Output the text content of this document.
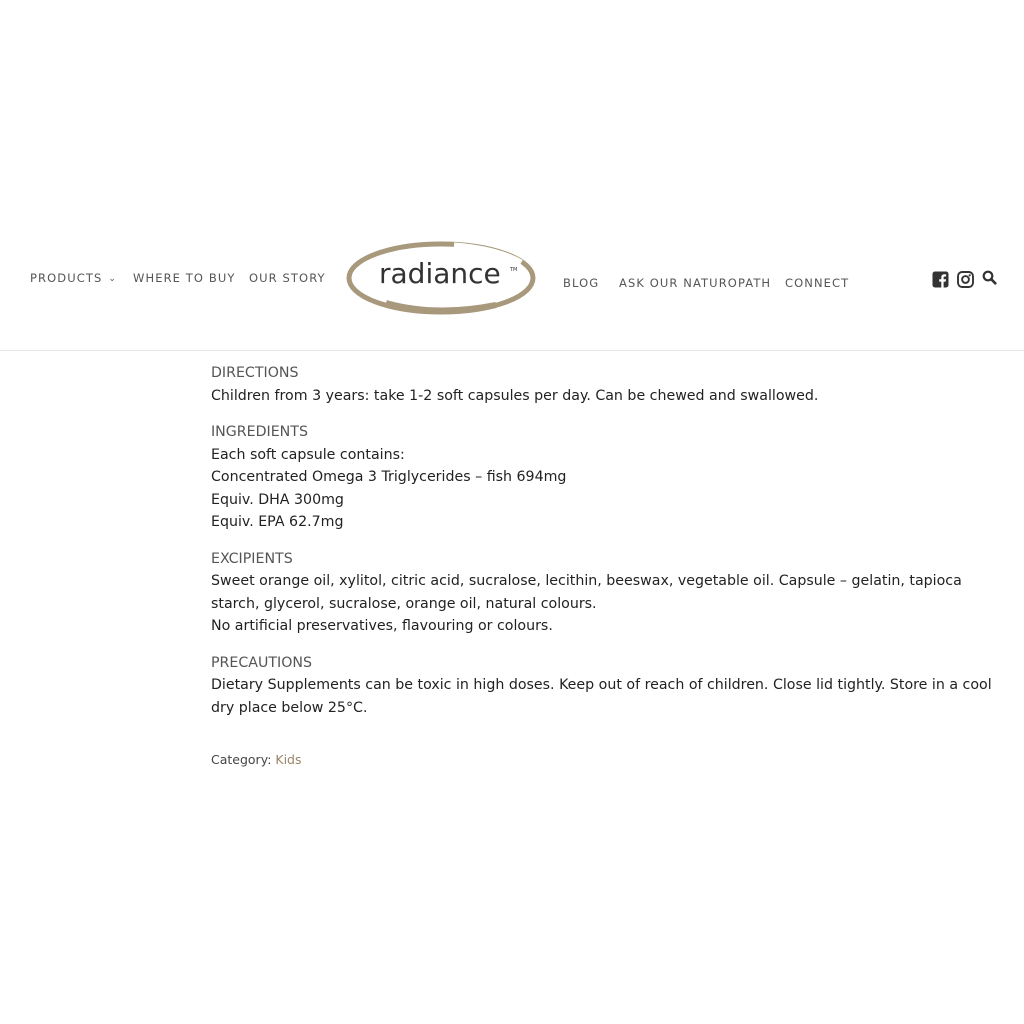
PRODUCTS ⌄ WHERE TO BUY OUR STORY radiance TM
BLOG ASK OUR NATUROPATH CONNECT
DIRECTIONS
Children from 3 years: take 1-2 soft capsules per day. Can be chewed and swallowed.
INGREDIENTS
Each soft capsule contains:
Concentrated Omega 3 Triglycerides – fish 694mg
Equiv. DHA 300mg
Equiv. EPA 62.7mg
EXCIPIENTS
Sweet orange oil, xylitol, citric acid, sucralose, lecithin, beeswax, vegetable oil. Capsule – gelatin, tapioca starch, glycerol, sucralose, orange oil, natural colours.
No artificial preservatives, flavouring or colours.
PRECAUTIONS
Dietary Supplements can be toxic in high doses. Keep out of reach of children. Close lid tightly. Store in a cool dry place below 25°C.
Category: Kids
